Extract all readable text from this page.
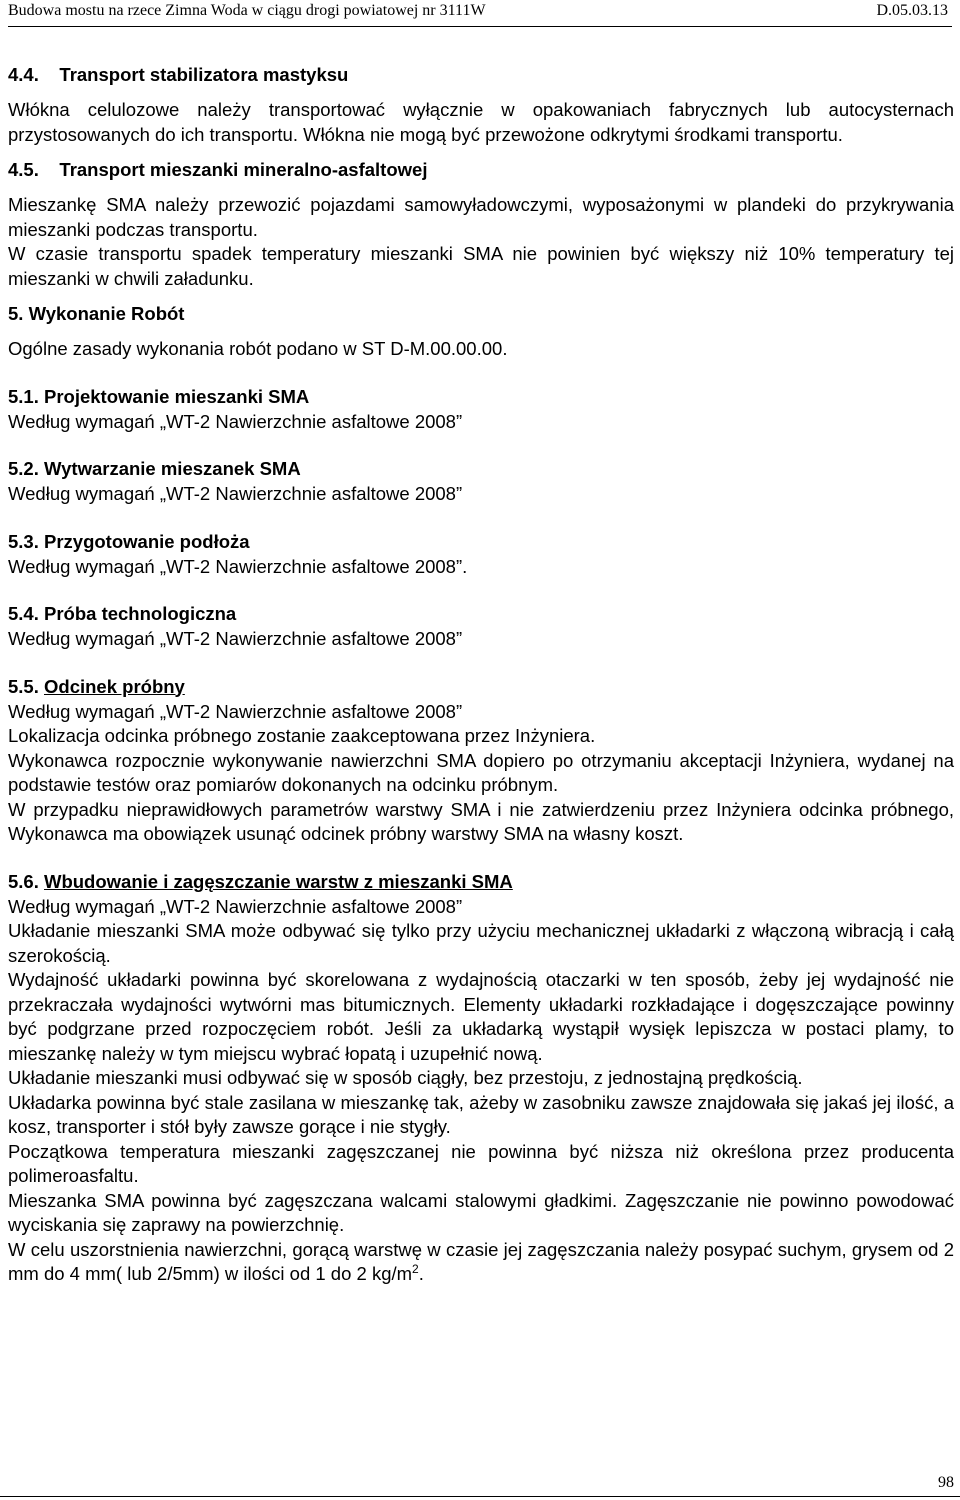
Budowa mostu na rzece Zimna Woda w ciągu drogi powiatowej nr 3111W	D.05.03.13

4.4.    Transport stabilizatora mastyksu

Włókna celulozowe należy transportować wyłącznie w opakowaniach fabrycznych lub autocysternach przystosowanych do ich transportu. Włókna nie mogą być przewożone odkrytymi środkami transportu.

4.5.    Transport mieszanki mineralno-asfaltowej

Mieszankę SMA należy przewozić pojazdami samowyładowczymi, wyposażonymi w plandeki do przykrywania mieszanki podczas transportu.

W czasie transportu spadek temperatury mieszanki SMA nie powinien być większy niż 10% temperatury tej mieszanki w chwili załadunku.

5. Wykonanie Robót

Ogólne zasady wykonania robót podano w ST D-M.00.00.00.

5.1. Projektowanie mieszanki SMA

Według wymagań „WT-2 Nawierzchnie asfaltowe 2008”

5.2. Wytwarzanie mieszanek SMA

Według wymagań „WT-2 Nawierzchnie asfaltowe 2008”

5.3. Przygotowanie podłoża

Według wymagań „WT-2 Nawierzchnie asfaltowe 2008”.

5.4. Próba technologiczna

Według wymagań „WT-2 Nawierzchnie asfaltowe 2008”

5.5. Odcinek próbny

Według wymagań „WT-2 Nawierzchnie asfaltowe 2008”

Lokalizacja odcinka próbnego zostanie zaakceptowana przez Inżyniera.

Wykonawca rozpocznie wykonywanie nawierzchni SMA dopiero po otrzymaniu akceptacji Inżyniera, wydanej na podstawie testów oraz pomiarów dokonanych na odcinku próbnym.

W przypadku nieprawidłowych parametrów warstwy SMA i nie zatwierdzeniu przez Inżyniera odcinka próbnego, Wykonawca ma obowiązek usunąć odcinek próbny warstwy SMA na własny koszt.

5.6. Wbudowanie i zagęszczanie warstw z mieszanki SMA

Według wymagań „WT-2 Nawierzchnie asfaltowe 2008”

Układanie mieszanki SMA może odbywać się tylko przy użyciu mechanicznej układarki z włączoną wibracją i całą szerokością.

Wydajność układarki powinna być skorelowana z wydajnością otaczarki w ten sposób, żeby jej wydajność nie przekraczała wydajności wytwórni mas bitumicznych. Elementy układarki rozkładające i dogęszczające powinny być podgrzane przed rozpoczęciem robót. Jeśli za układarką wystąpił wysięk lepiszcza w postaci plamy, to mieszankę należy w tym miejscu wybrać łopatą i uzupełnić nową.

Układanie mieszanki musi odbywać się w sposób ciągły, bez przestoju, z jednostajną prędkością.

Układarka powinna być stale zasilana w mieszankę tak, ażeby w zasobniku zawsze znajdowała się jakaś jej ilość, a kosz, transporter i stół były zawsze gorące i nie stygły.

Początkowa temperatura mieszanki zagęszczanej nie powinna być niższa niż określona przez producenta polimeroasfaltu.

Mieszanka SMA powinna być zagęszczana walcami stalowymi gładkimi. Zagęszczanie nie powinno powodować wyciskania się zaprawy na powierzchnię.

W celu uszorstnienia nawierzchni, gorącą warstwę w czasie jej zagęszczania należy posypać suchym, grysem od 2 mm do 4 mm( lub 2/5mm) w ilości od 1 do 2 $kg/m^2$.

98
